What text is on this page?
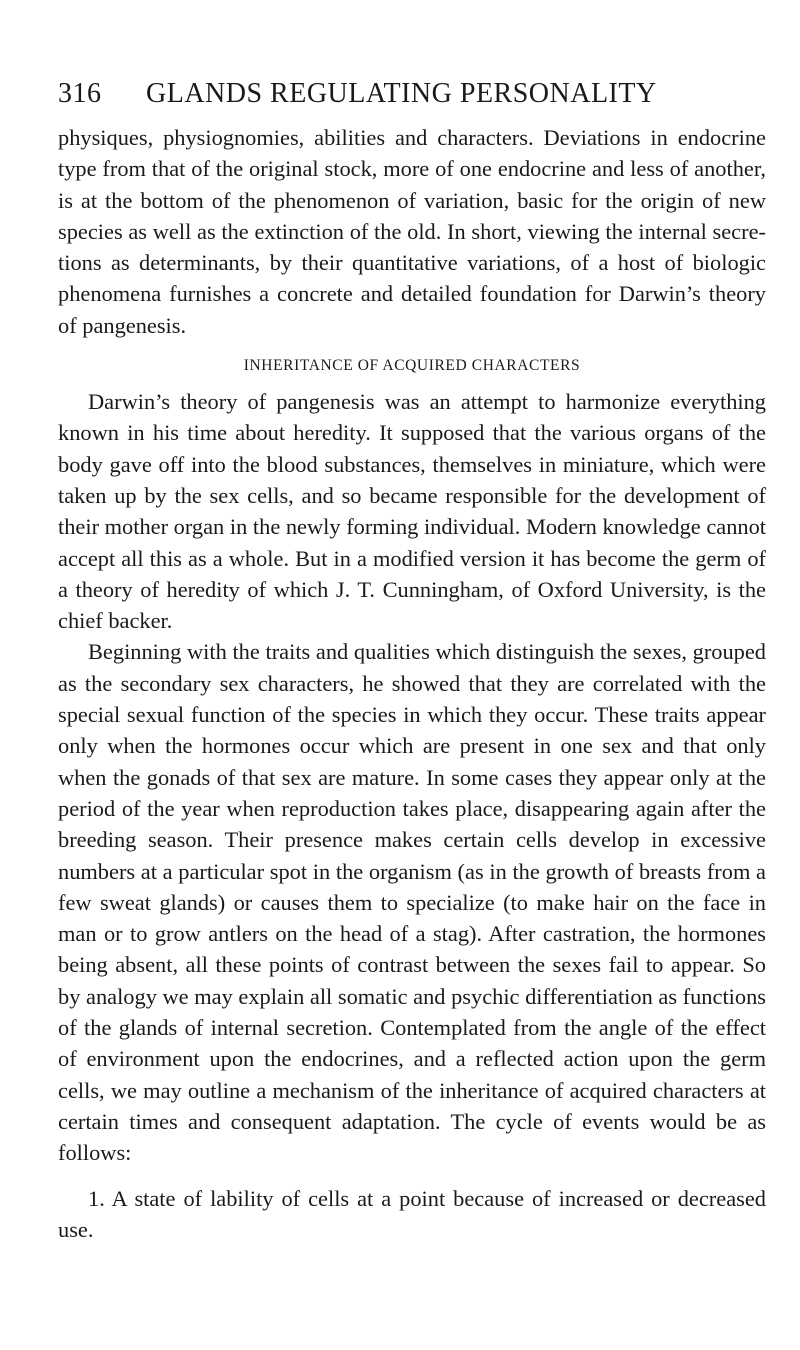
316	GLANDS REGULATING PERSONALITY

physiques, physiognomies, abilities and characters. Deviations in endocrine type from that of the original stock, more of one endocrine and less of another, is at the bottom of the phenomenon of variation, basic for the origin of new species as well as the extinction of the old. In short, viewing the internal secretions as determinants, by their quantitative variations, of a host of biologic phenomena furnishes a concrete and detailed foundation for Darwin’s theory of pangenesis.

INHERITANCE OF ACQUIRED CHARACTERS

Darwin’s theory of pangenesis was an attempt to harmonize everything known in his time about heredity. It supposed that the various organs of the body gave off into the blood substances, themselves in miniature, which were taken up by the sex cells, and so became responsible for the development of their mother organ in the newly forming individual. Modern knowledge cannot accept all this as a whole. But in a modified version it has become the germ of a theory of heredity of which J. T. Cunningham, of Oxford University, is the chief backer.

Beginning with the traits and qualities which distinguish the sexes, grouped as the secondary sex characters, he showed that they are correlated with the special sexual function of the species in which they occur. These traits appear only when the hormones occur which are present in one sex and that only when the gonads of that sex are mature. In some cases they appear only at the period of the year when reproduction takes place, disappearing again after the breeding season. Their presence makes certain cells develop in excessive numbers at a particular spot in the organism (as in the growth of breasts from a few sweat glands) or causes them to specialize (to make hair on the face in man or to grow antlers on the head of a stag). After castration, the hormones being absent, all these points of contrast between the sexes fail to appear. So by analogy we may explain all somatic and psychic differentiation as functions of the glands of internal secretion. Contemplated from the angle of the effect of environment upon the endocrines, and a reflected action upon the germ cells, we may outline a mechanism of the inheritance of acquired characters at certain times and consequent adaptation. The cycle of events would be as follows:

1. A state of lability of cells at a point because of increased or decreased use.
